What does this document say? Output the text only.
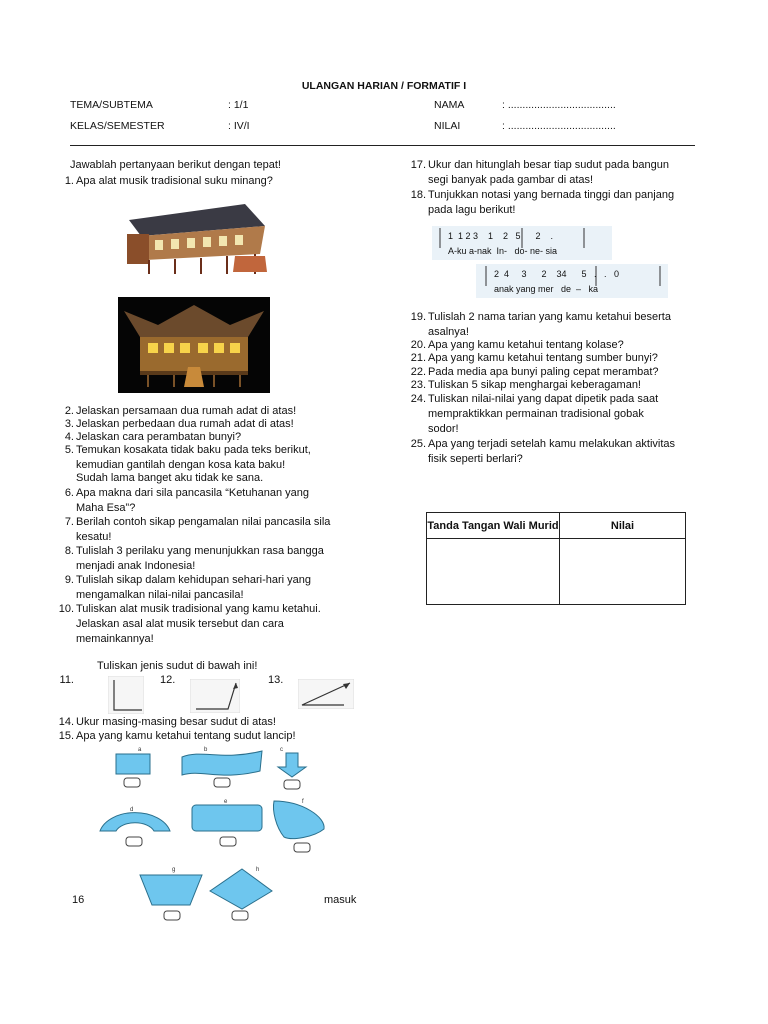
ULANGAN HARIAN / FORMATIF I
TEMA/SUBTEMA	: 1/1
KELAS/SEMESTER	: IV/I
NAMA	: .....................................
NILAI	: .....................................
Jawablah pertanyaan berikut dengan tepat!
1. Apa alat musik tradisional suku minang?
2. Jelaskan persamaan dua rumah adat di atas!
3. Jelaskan perbedaan dua rumah adat di atas!
4. Jelaskan cara perambatan bunyi?
5. Temukan kosakata tidak baku pada teks berikut,
kemudian gantilah dengan kosa kata baku!
Sudah lama banget aku tidak ke sana.
6. Apa makna dari sila pancasila “Ketuhanan yang
Maha Esa”?
7. Berilah contoh sikap pengamalan nilai pancasila sila
kesatu!
8. Tulislah 3 perilaku yang menunjukkan rasa bangga
menjadi anak Indonesia!
9. Tulislah sikap dalam kehidupan sehari-hari yang
mengamalkan nilai-nilai pancasila!
10. Tuliskan alat musik tradisional yang kamu ketahui.
Jelaskan asal alat musik tersebut dan cara
memainkannya!
Tuliskan jenis sudut di bawah ini!
11.	12.	13.
14. Ukur masing-masing besar sudut di atas!
15. Apa yang kamu ketahui tentang sudut lancip!
a	b	c
d
e	f
g	h
16	masuk
17. Ukur dan hitunglah besar tiap sudut pada bangun
segi banyak pada gambar di atas!
18. Tunjukkan notasi yang bernada tinggi dan panjang
pada lagu berikut!
1  1 2 3    1    2   5      2    .
A-ku a-nak  In-   do- ne- sia
2  4     3      2    34      5   .   .   0
anak yang mer   de  –   ka
19. Tulislah 2 nama tarian yang kamu ketahui beserta
asalnya!
20. Apa yang kamu ketahui tentang kolase?
21. Apa yang kamu ketahui tentang sumber bunyi?
22. Pada media apa bunyi paling cepat merambat?
23. Tuliskan 5 sikap menghargai keberagaman!
24. Tuliskan nilai-nilai yang dapat dipetik pada saat
mempraktikkan permainan tradisional gobak
sodor!
25. Apa yang terjadi setelah kamu melakukan aktivitas
fisik seperti berlari?
Tanda Tangan Wali Murid	Nilai
